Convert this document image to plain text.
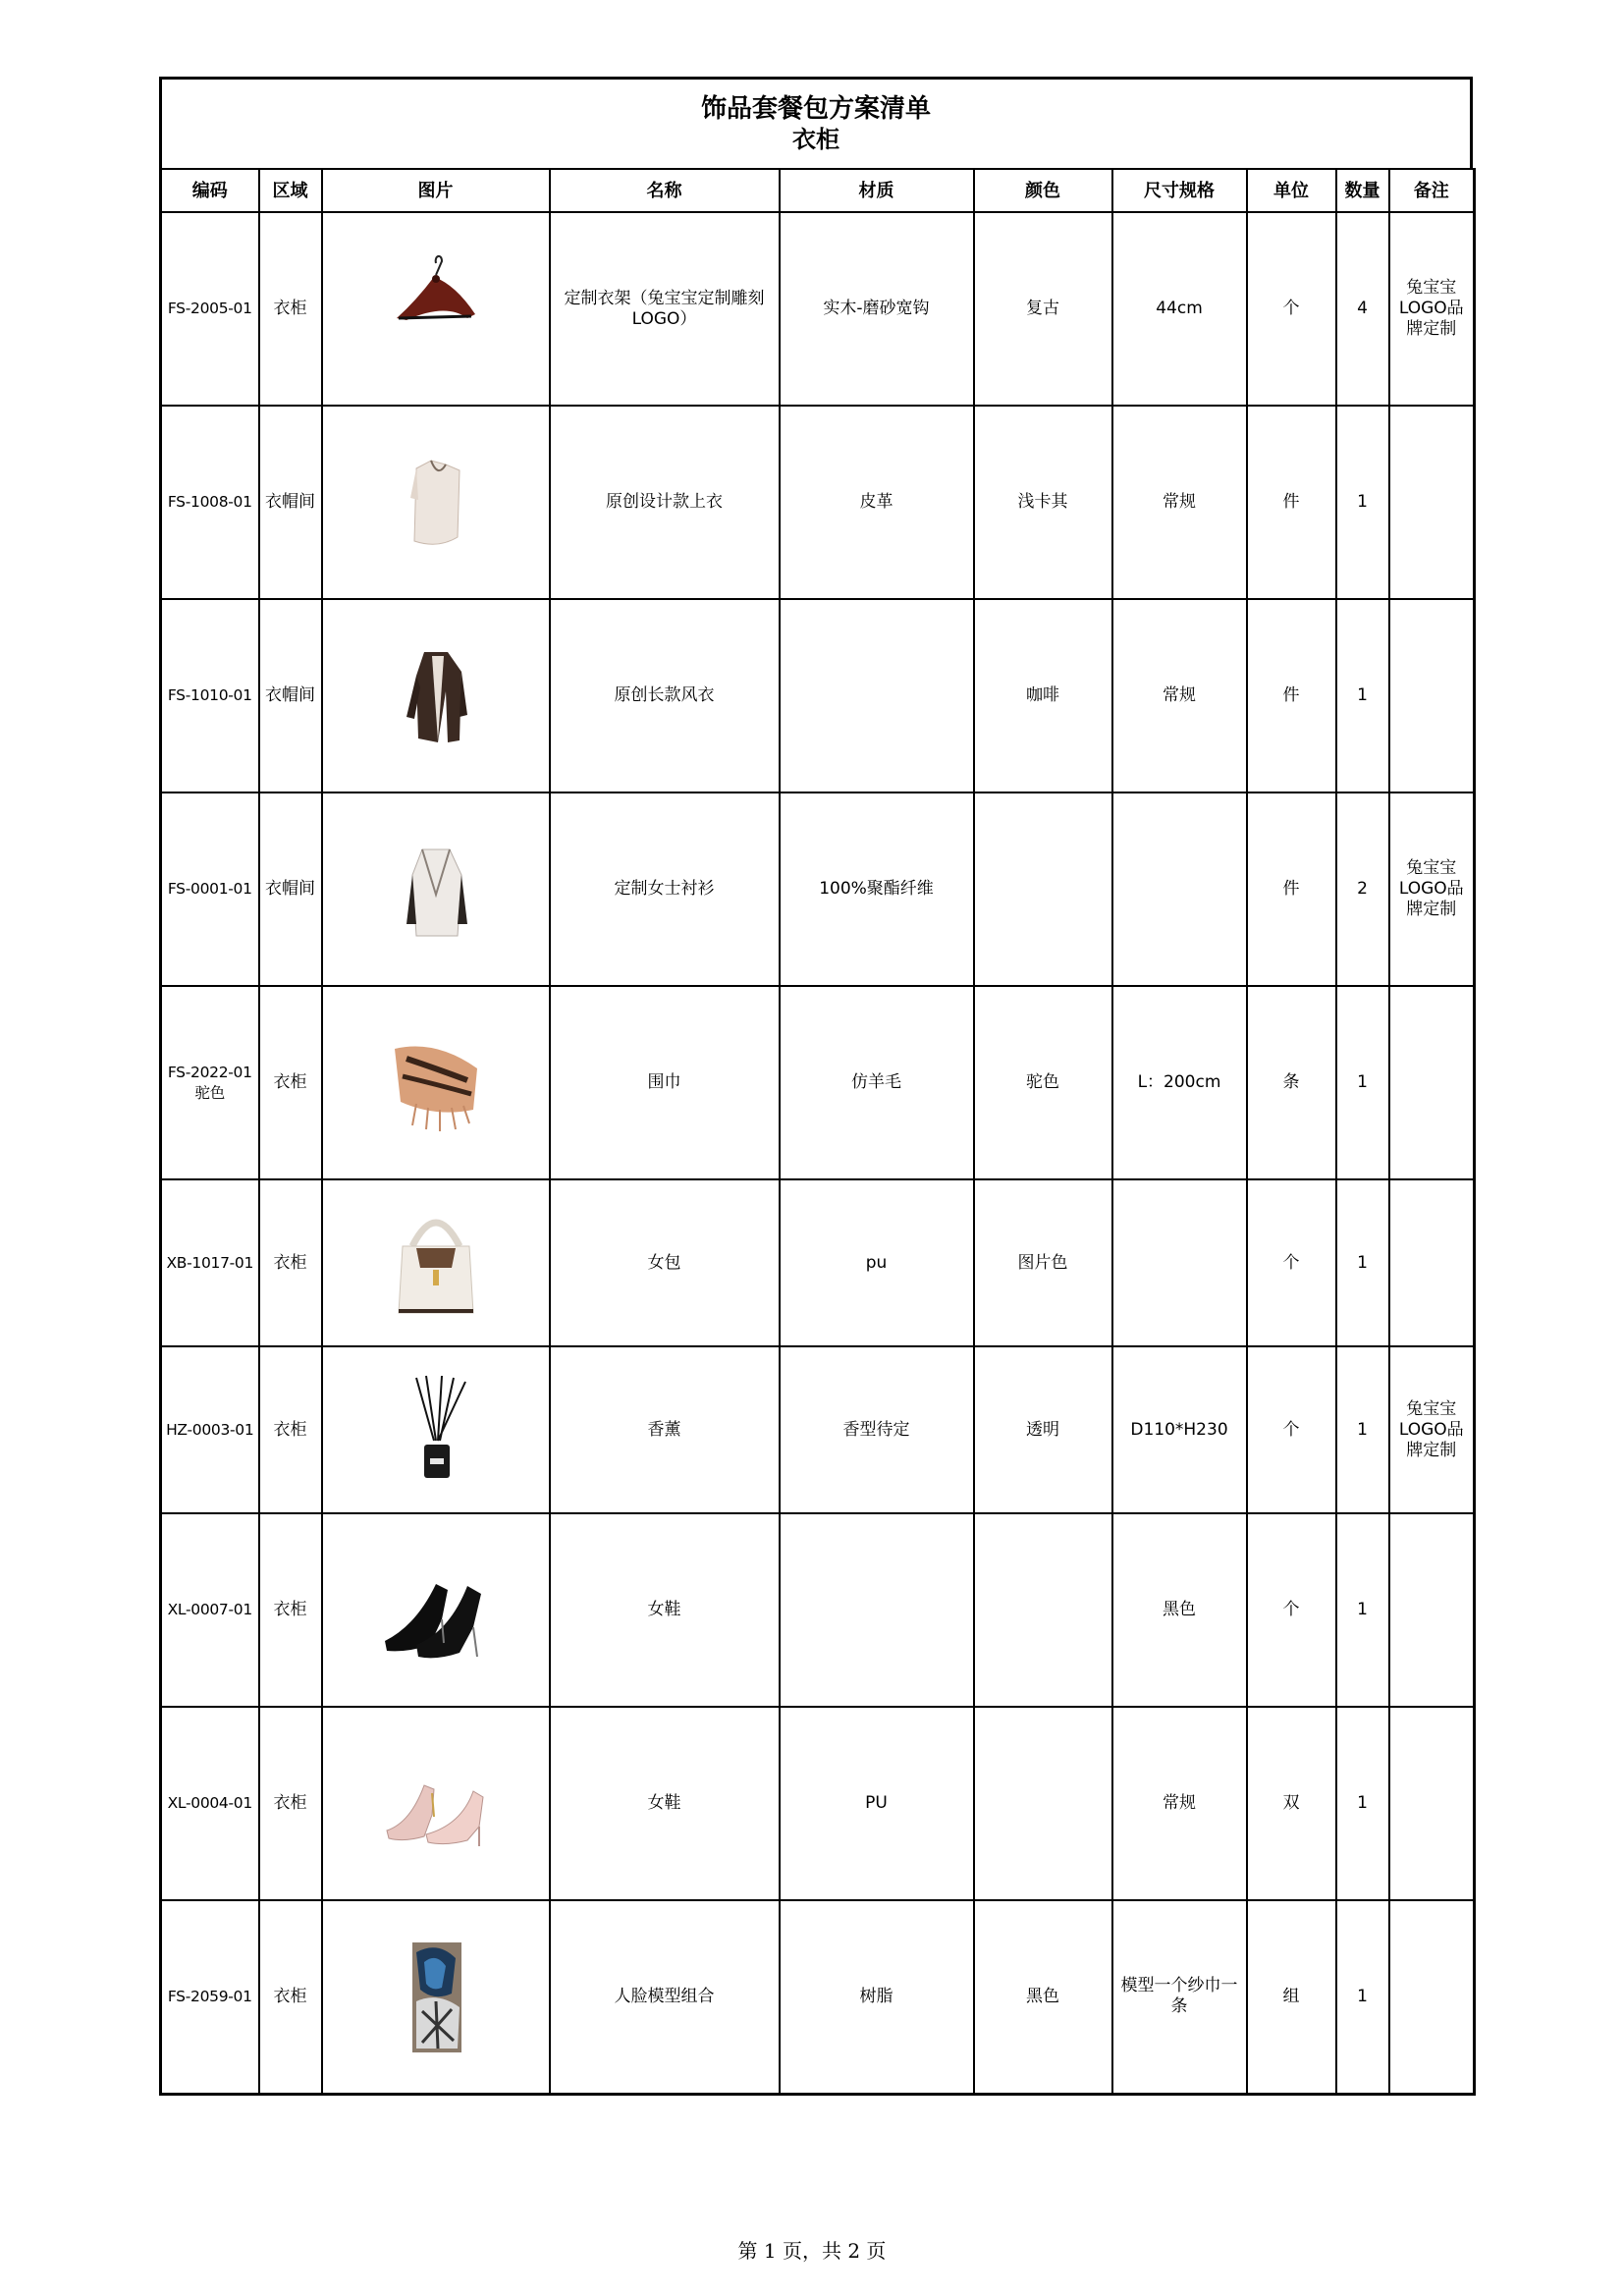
饰品套餐包方案清单
衣柜
编码	区域	图片	名称	材质	颜色	尺寸规格	单位	数量	备注
FS-2005-01	衣柜		定制衣架（兔宝宝定制雕刻LOGO）	实木-磨砂宽钩	复古	44cm	个	4	兔宝宝LOGO品牌定制
FS-1008-01	衣帽间		原创设计款上衣	皮革	浅卡其	常规	件	1	
FS-1010-01	衣帽间		原创长款风衣		咖啡	常规	件	1	
FS-0001-01	衣帽间		定制女士衬衫	100%聚酯纤维			件	2	兔宝宝LOGO品牌定制
FS-2022-01驼色	衣柜		围巾	仿羊毛	驼色	L：200cm	条	1	
XB-1017-01	衣柜		女包	pu	图片色		个	1	
HZ-0003-01	衣柜		香薰	香型待定	透明	D110*H230	个	1	兔宝宝LOGO品牌定制
XL-0007-01	衣柜		女鞋			黑色	个	1	
XL-0004-01	衣柜		女鞋	PU		常规	双	1	
FS-2059-01	衣柜		人脸模型组合	树脂	黑色	模型一个纱巾一条	组	1	
第 1 页，共 2 页
